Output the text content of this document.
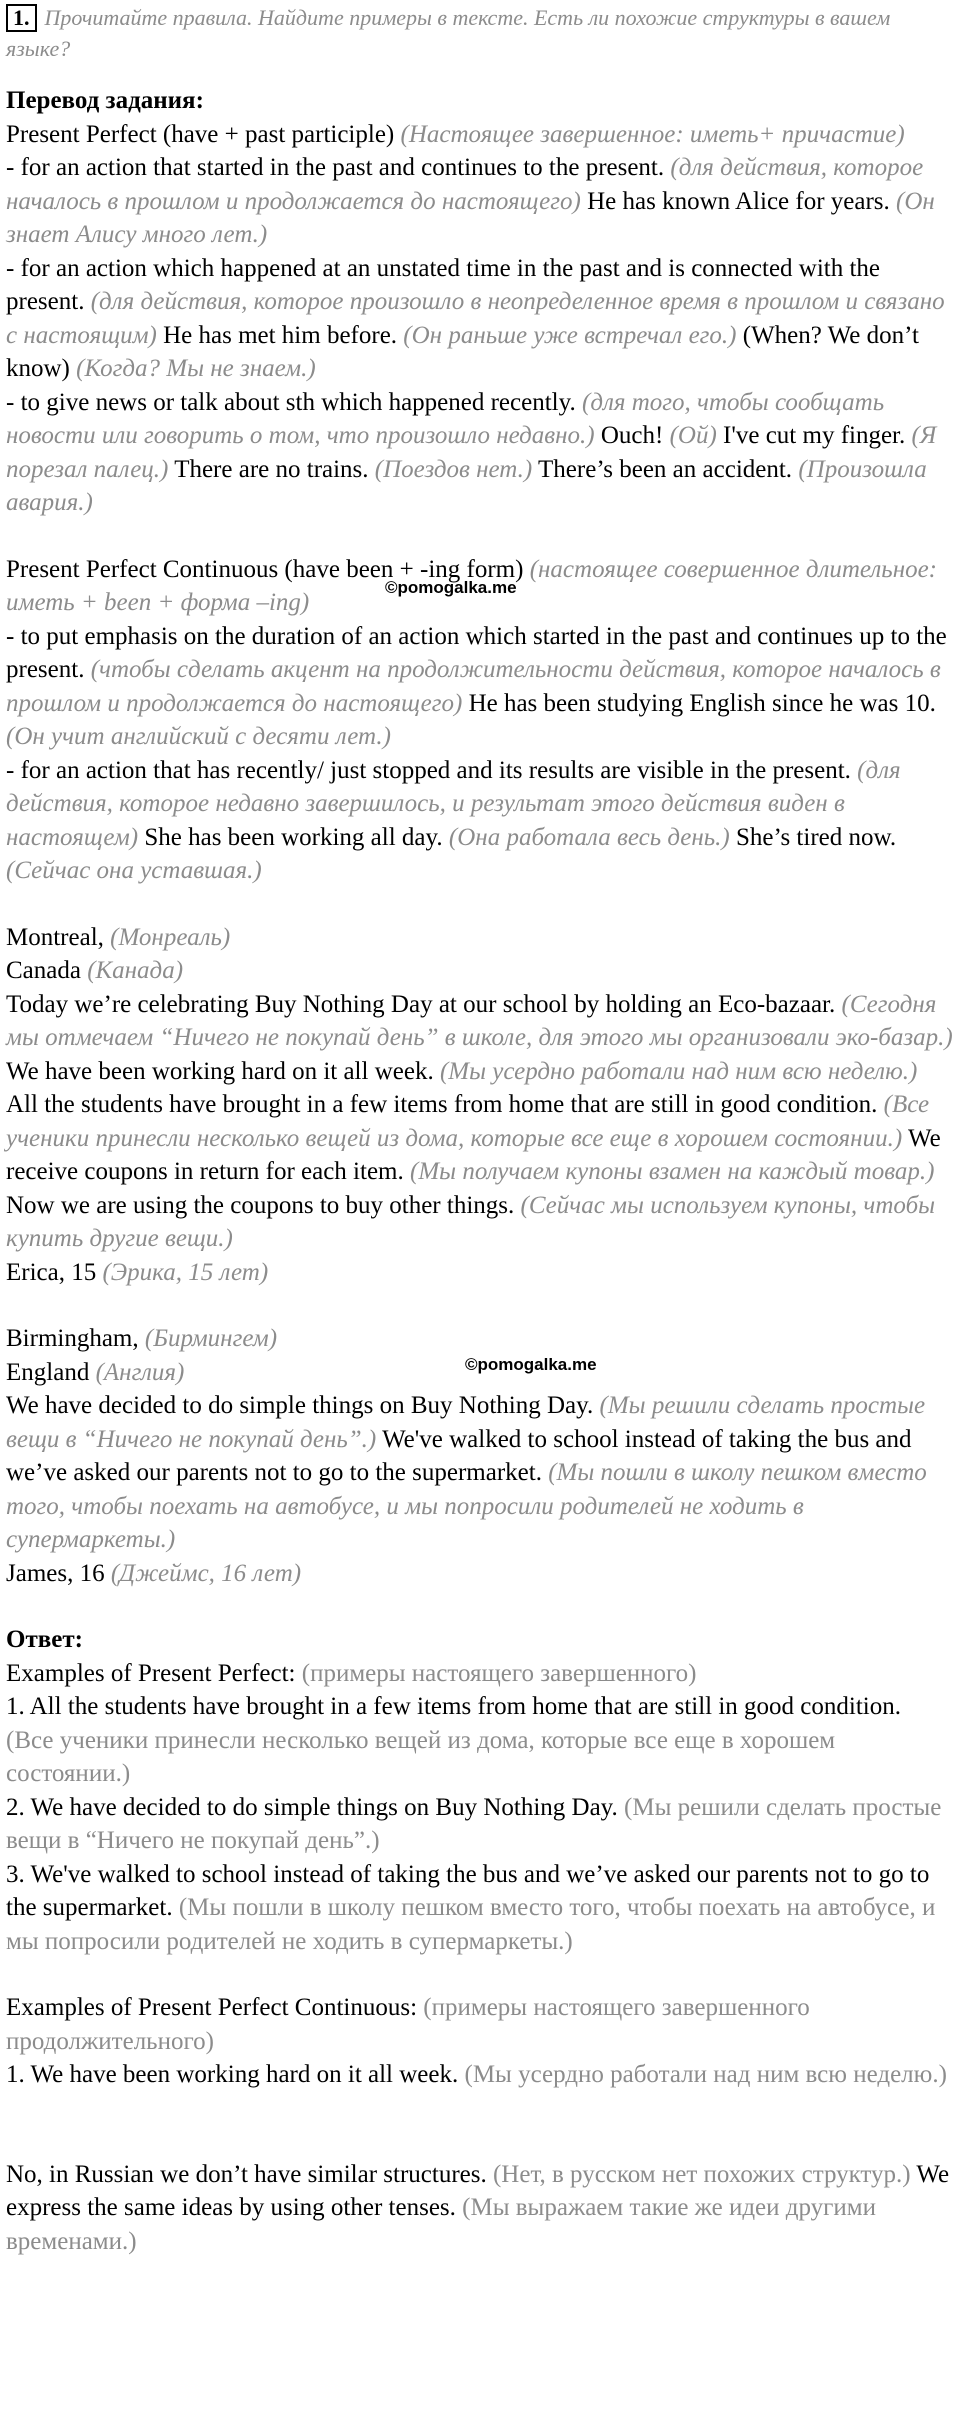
1. Прочитайте правила. Найдите примеры в тексте. Есть ли похожие структуры в вашем языке?

Перевод задания:

Present Perfect (have + past participle) (Настоящее завершенное: иметь+ причастие)

- for an action that started in the past and continues to the present. (для действия, которое началось в прошлом и продолжается до настоящего) He has known Alice for years. (Он знает Алису много лет.)

- for an action which happened at an unstated time in the past and is connected with the present. (для действия, которое произошло в неопределенное время в прошлом и связано с настоящим) He has met him before. (Он раньше уже встречал его.) (When? We don’t know) (Когда? Мы не знаем.)

- to give news or talk about sth which happened recently. (для того, чтобы сообщать новости или говорить о том, что произошло недавно.) Ouch! (Ой) I've cut my finger. (Я порезал палец.) There are no trains. (Поездов нет.) There’s been an accident. (Произошла авария.)

Present Perfect Continuous (have been + -ing form) (настоящее совершенное длительное: иметь + been + форма –ing)

- to put emphasis on the duration of an action which started in the past and continues up to the present. (чтобы сделать акцент на продолжительности действия, которое началось в прошлом и продолжается до настоящего) He has been studying English since he was 10. (Он учит английский с десяти лет.)

- for an action that has recently/ just stopped and its results are visible in the present. (для действия, которое недавно завершилось, и результат этого действия виден в настоящем) She has been working all day. (Она работала весь день.) She’s tired now. (Сейчас она уставшая.)

Montreal, (Монреаль)

Canada (Канада)

Today we’re celebrating Buy Nothing Day at our school by holding an Eco-bazaar. (Сегодня мы отмечаем “Ничего не покупай день” в школе, для этого мы организовали эко-базар.) We have been working hard on it all week. (Мы усердно работали над ним всю неделю.) All the students have brought in a few items from home that are still in good condition. (Все ученики принесли несколько вещей из дома, которые все еще в хорошем состоянии.) We receive coupons in return for each item. (Мы получаем купоны взамен на каждый товар.) Now we are using the coupons to buy other things. (Сейчас мы используем купоны, чтобы купить другие вещи.)

Erica, 15 (Эрика, 15 лет)

Birmingham, (Бирмингем)

England (Англия)

We have decided to do simple things on Buy Nothing Day. (Мы решили сделать простые вещи в “Ничего не покупай день”.) We've walked to school instead of taking the bus and we’ve asked our parents not to go to the supermarket. (Мы пошли в школу пешком вместо того, чтобы поехать на автобусе, и мы попросили родителей не ходить в супермаркеты.)

James, 16 (Джеймс, 16 лет)

Ответ:

Examples of Present Perfect: (примеры настоящего завершенного)

1. All the students have brought in a few items from home that are still in good condition. (Все ученики принесли несколько вещей из дома, которые все еще в хорошем состоянии.)

2. We have decided to do simple things on Buy Nothing Day. (Мы решили сделать простые вещи в “Ничего не покупай день”.)

3. We've walked to school instead of taking the bus and we’ve asked our parents not to go to the supermarket. (Мы пошли в школу пешком вместо того, чтобы поехать на автобусе, и мы попросили родителей не ходить в супермаркеты.)

Examples of Present Perfect Continuous: (примеры настоящего завершенного продолжительного)

1. We have been working hard on it all week. (Мы усердно работали над ним всю неделю.)

No, in Russian we don’t have similar structures. (Нет, в русском нет похожих структур.) We express the same ideas by using other tenses. (Мы выражаем такие же идеи другими временами.)

©pomogalka.me
©pomogalka.me
